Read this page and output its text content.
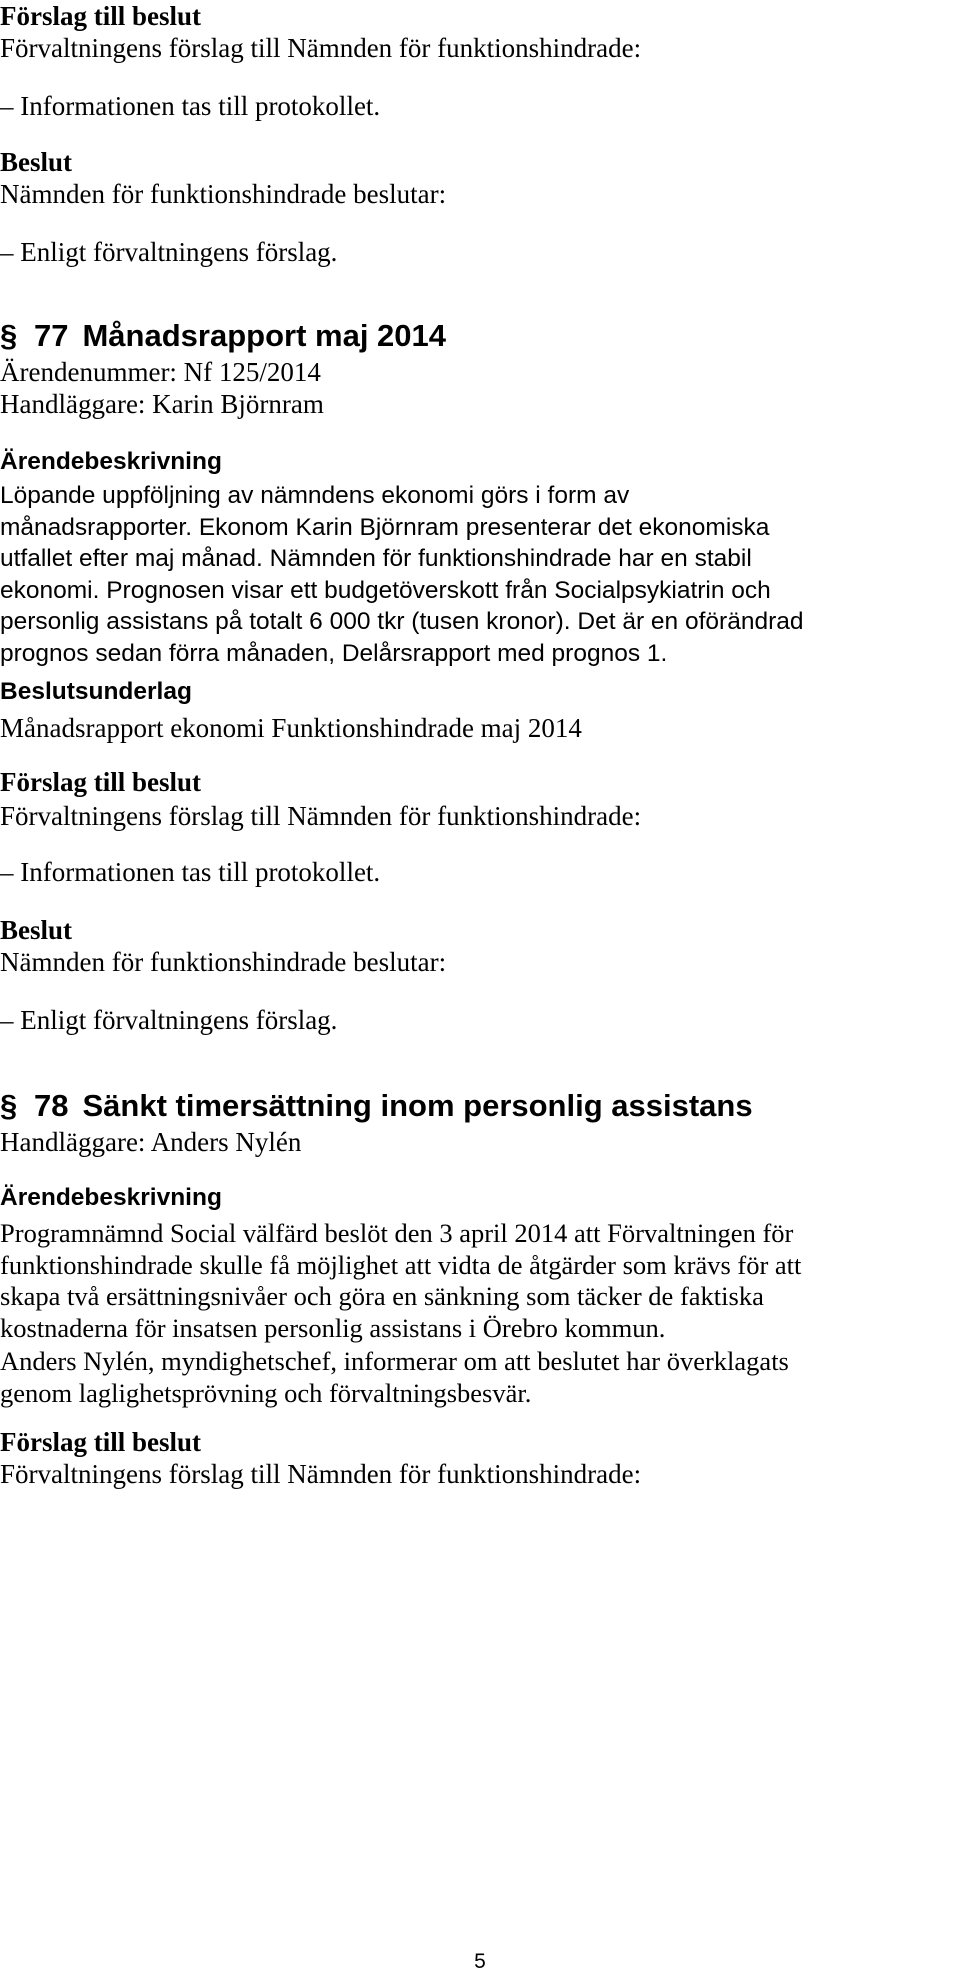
Förslag till beslut
Förvaltningens förslag till Nämnden för funktionshindrade:
– Informationen tas till protokollet.
Beslut
Nämnden för funktionshindrade beslutar:
– Enligt förvaltningens förslag.
§ 77 Månadsrapport maj 2014
Ärendenummer: Nf 125/2014
Handläggare: Karin Björnram
Ärendebeskrivning
Löpande uppföljning av nämndens ekonomi görs i form av
månadsrapporter. Ekonom Karin Björnram presenterar det ekonomiska
utfallet efter maj månad. Nämnden för funktionshindrade har en stabil
ekonomi. Prognosen visar ett budgetöverskott från Socialpsykiatrin och
personlig assistans på totalt 6 000 tkr (tusen kronor). Det är en oförändrad
prognos sedan förra månaden, Delårsrapport med prognos 1.
Beslutsunderlag
Månadsrapport ekonomi Funktionshindrade maj 2014
Förslag till beslut
Förvaltningens förslag till Nämnden för funktionshindrade:
– Informationen tas till protokollet.
Beslut
Nämnden för funktionshindrade beslutar:
– Enligt förvaltningens förslag.
§ 78 Sänkt timersättning inom personlig assistans
Handläggare: Anders Nylén
Ärendebeskrivning
Programnämnd Social välfärd beslöt den 3 april 2014 att Förvaltningen för
funktionshindrade skulle få möjlighet att vidta de åtgärder som krävs för att
skapa två ersättningsnivåer och göra en sänkning som täcker de faktiska
kostnaderna för insatsen personlig assistans i Örebro kommun.
Anders Nylén, myndighetschef, informerar om att beslutet har överklagats
genom laglighetsprövning och förvaltningsbesvär.
Förslag till beslut
Förvaltningens förslag till Nämnden för funktionshindrade:
5
